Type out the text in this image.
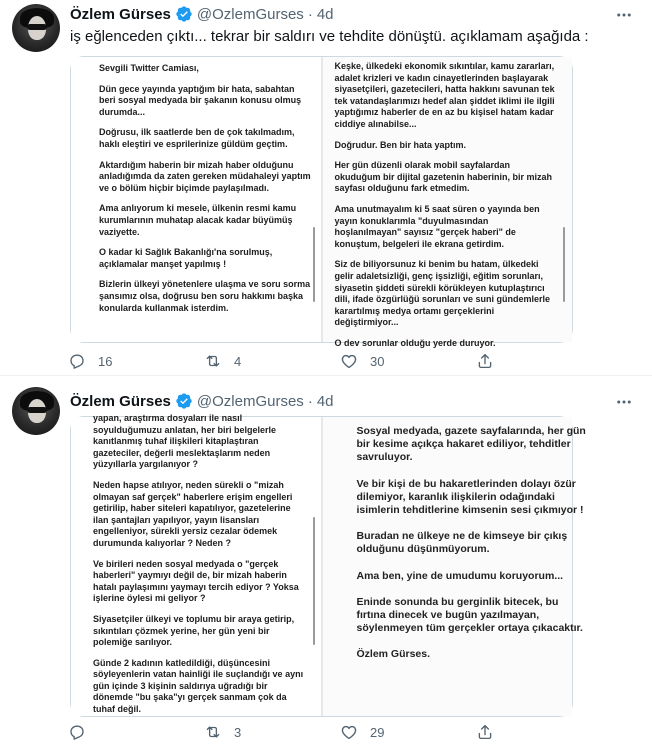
Özlem Gürses @OzlemGurses · 4d
iş eğlenceden çıktı... tekrar bir saldırı ve tehdite dönüştü. açıklamam aşağıda :

Sevgili Twitter Camiası,

Dün gece yayında yaptığım bir hata, sabahtan beri sosyal medyada bir şakanın konusu olmuş durumda...

Doğrusu, ilk saatlerde ben de çok takılmadım, haklı eleştiri ve esprilerinize güldüm geçtim.

Aktardığım haberin bir mizah haber olduğunu anladığımda da zaten gereken müdahaleyi yaptım ve o bölüm hiçbir biçimde paylaşılmadı.

Ama anlıyorum ki mesele, ülkenin resmi kamu kurumlarının muhatap alacak kadar büyümüş vaziyette.

O kadar ki Sağlık Bakanlığı'na sorulmuş, açıklamalar manşet yapılmış !

Bizlerin ülkeyi yönetenlere ulaşma ve soru sorma şansımız olsa, doğrusu ben soru hakkımı başka konularda kullanmak isterdim.

Keşke, ülkedeki ekonomik sıkıntılar, kamu zararları, adalet krizleri ve kadın cinayetlerinden başlayarak siyasetçileri, gazetecileri, hatta hakkını savunan tek tek vatandaşlarımızı hedef alan şiddet iklimi ile ilgili yaptığımız haberler de en az bu kişisel hatam kadar ciddiye alınabilse...

Doğrudur. Ben bir hata yaptım.

Her gün düzenli olarak mobil sayfalardan okuduğum bir dijital gazetenin haberinin, bir mizah sayfası olduğunu fark etmedim.

Ama unutmayalım ki 5 saat süren o yayında ben yayın konuklarımla "duyulmasından hoşlanılmayan" sayısız "gerçek haberi" de konuştum, belgeleri ile ekrana getirdim.

Siz de biliyorsunuz ki benim bu hatam, ülkedeki gelir adaletsizliği, genç işsizliği, eğitim sorunları, siyasetin şiddeti sürekli körükleyen kutuplaştırıcı dili, ifade özgürlüğü sorunları ve suni gündemlerle karartılmış medya ortamı gerçeklerini değiştirmiyor...

O dev sorunlar olduğu yerde duruyor.

16	4	30
Özlem Gürses @OzlemGurses · 4d

yapan, araştırma dosyaları ile nasıl soyulduğumuzu anlatan, her biri belgelerle kanıtlanmış tuhaf ilişkileri kitaplaştıran gazeteciler, değerli meslektaşlarım neden yüzyıllarla yargılanıyor ?

Neden hapse atılıyor, neden sürekli o "mizah olmayan saf gerçek" haberlere erişim engelleri getirilip, haber siteleri kapatılıyor, gazetelerine ilan şantajları yapılıyor, yayın lisansları engelleniyor, sürekli yersiz cezalar ödemek durumunda kalıyorlar ? Neden ?

Ve birileri neden sosyal medyada o "gerçek haberleri" yaymıyı değil de, bir mizah haberin hatalı paylaşımını yaymayı tercih ediyor ? Yoksa işlerine öylesi mi geliyor ?

Siyasetçiler ülkeyi ve toplumu bir araya getirip, sıkıntıları çözmek yerine, her gün yeni bir polemiğe sarılıyor.

Günde 2 kadının katledildiği, düşüncesini söyleyenlerin vatan hainliği ile suçlandığı ve aynı gün içinde 3 kişinin saldırıya uğradığı bir dönemde "bu şaka"yı gerçek sanmam çok da tuhaf değil.

Sosyal medyada, gazete sayfalarında, her gün bir kesime açıkça hakaret ediliyor, tehditler savruluyor.

Ve bir kişi de bu hakaretlerinden dolayı özür dilemiyor, karanlık ilişkilerin odağındaki isimlerin tehditlerine kimsenin sesi çıkmıyor !

Buradan ne ülkeye ne de kimseye bir çıkış olduğunu düşünmüyorum.

Ama ben, yine de umudumu koruyorum...

Eninde sonunda bu gerginlik bitecek, bu fırtına dinecek ve bugün yazılmayan, söylenmeyen tüm gerçekler ortaya çıkacaktır.

Özlem Gürses.

3	29
